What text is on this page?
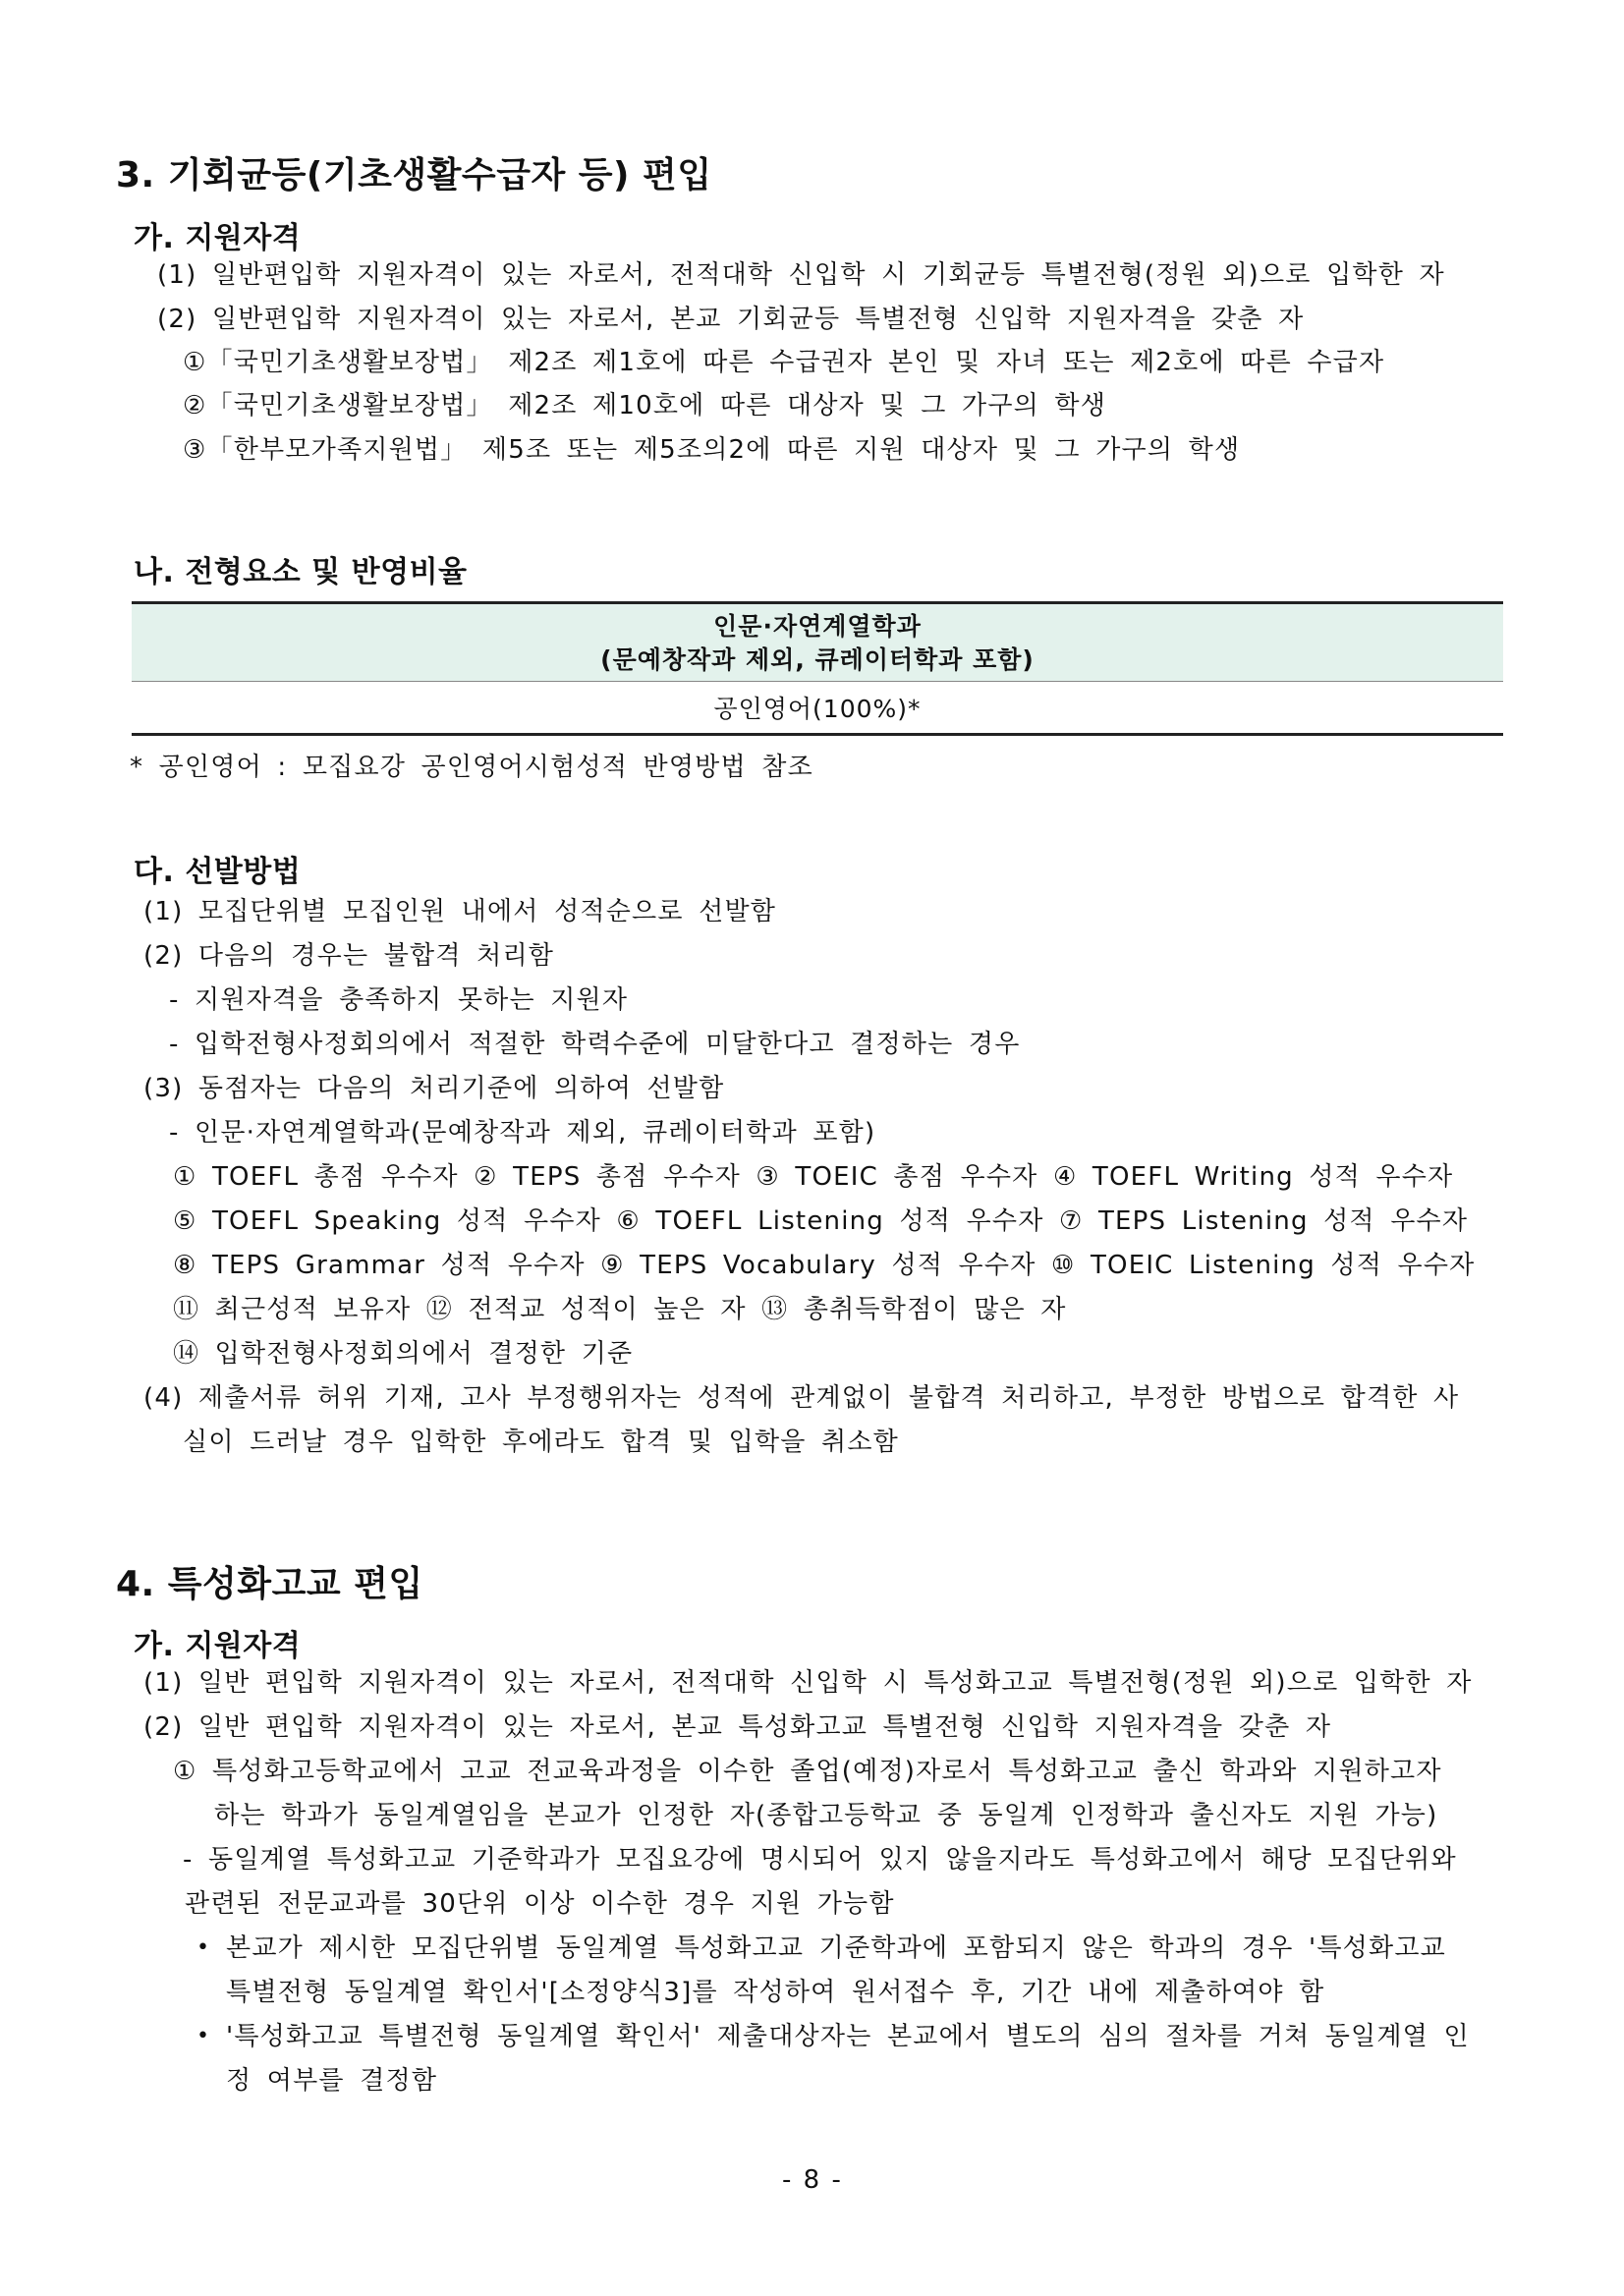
3. 기회균등(기초생활수급자 등) 편입
가. 지원자격
(1) 일반편입학 지원자격이 있는 자로서, 전적대학 신입학 시 기회균등 특별전형(정원 외)으로 입학한 자
(2) 일반편입학 지원자격이 있는 자로서, 본교 기회균등 특별전형 신입학 지원자격을 갖춘 자
①「국민기초생활보장법」 제2조 제1호에 따른 수급권자 본인 및 자녀 또는 제2호에 따른 수급자
②「국민기초생활보장법」 제2조 제10호에 따른 대상자 및 그 가구의 학생
③「한부모가족지원법」 제5조 또는 제5조의2에 따른 지원 대상자 및 그 가구의 학생
나. 전형요소 및 반영비율
인문·자연계열학과
(문예창작과 제외, 큐레이터학과 포함)

공인영어(100%)*
* 공인영어 : 모집요강 공인영어시험성적 반영방법 참조
다. 선발방법
(1) 모집단위별 모집인원 내에서 성적순으로 선발함
(2) 다음의 경우는 불합격 처리함
- 지원자격을 충족하지 못하는 지원자
- 입학전형사정회의에서 적절한 학력수준에 미달한다고 결정하는 경우
(3) 동점자는 다음의 처리기준에 의하여 선발함
- 인문·자연계열학과(문예창작과 제외, 큐레이터학과 포함)
① TOEFL 총점 우수자 ② TEPS 총점 우수자 ③ TOEIC 총점 우수자 ④ TOEFL Writing 성적 우수자
⑤ TOEFL Speaking 성적 우수자 ⑥ TOEFL Listening 성적 우수자 ⑦ TEPS Listening 성적 우수자
⑧ TEPS Grammar 성적 우수자 ⑨ TEPS Vocabulary 성적 우수자 ⑩ TOEIC Listening 성적 우수자
⑪ 최근성적 보유자 ⑫ 전적교 성적이 높은 자 ⑬ 총취득학점이 많은 자
⑭ 입학전형사정회의에서 결정한 기준
(4) 제출서류 허위 기재, 고사 부정행위자는 성적에 관계없이 불합격 처리하고, 부정한 방법으로 합격한 사
실이 드러날 경우 입학한 후에라도 합격 및 입학을 취소함
4. 특성화고교 편입
가. 지원자격
(1) 일반 편입학 지원자격이 있는 자로서, 전적대학 신입학 시 특성화고교 특별전형(정원 외)으로 입학한 자
(2) 일반 편입학 지원자격이 있는 자로서, 본교 특성화고교 특별전형 신입학 지원자격을 갖춘 자
① 특성화고등학교에서 고교 전교육과정을 이수한 졸업(예정)자로서 특성화고교 출신 학과와 지원하고자
하는 학과가 동일계열임을 본교가 인정한 자(종합고등학교 중 동일계 인정학과 출신자도 지원 가능)
- 동일계열 특성화고교 기준학과가 모집요강에 명시되어 있지 않을지라도 특성화고에서 해당 모집단위와
관련된 전문교과를 30단위 이상 이수한 경우 지원 가능함
• 본교가 제시한 모집단위별 동일계열 특성화고교 기준학과에 포함되지 않은 학과의 경우 '특성화고교
특별전형 동일계열 확인서'[소정양식3]를 작성하여 원서접수 후, 기간 내에 제출하여야 함
• '특성화고교 특별전형 동일계열 확인서' 제출대상자는 본교에서 별도의 심의 절차를 거쳐 동일계열 인
정 여부를 결정함
- 8 -
